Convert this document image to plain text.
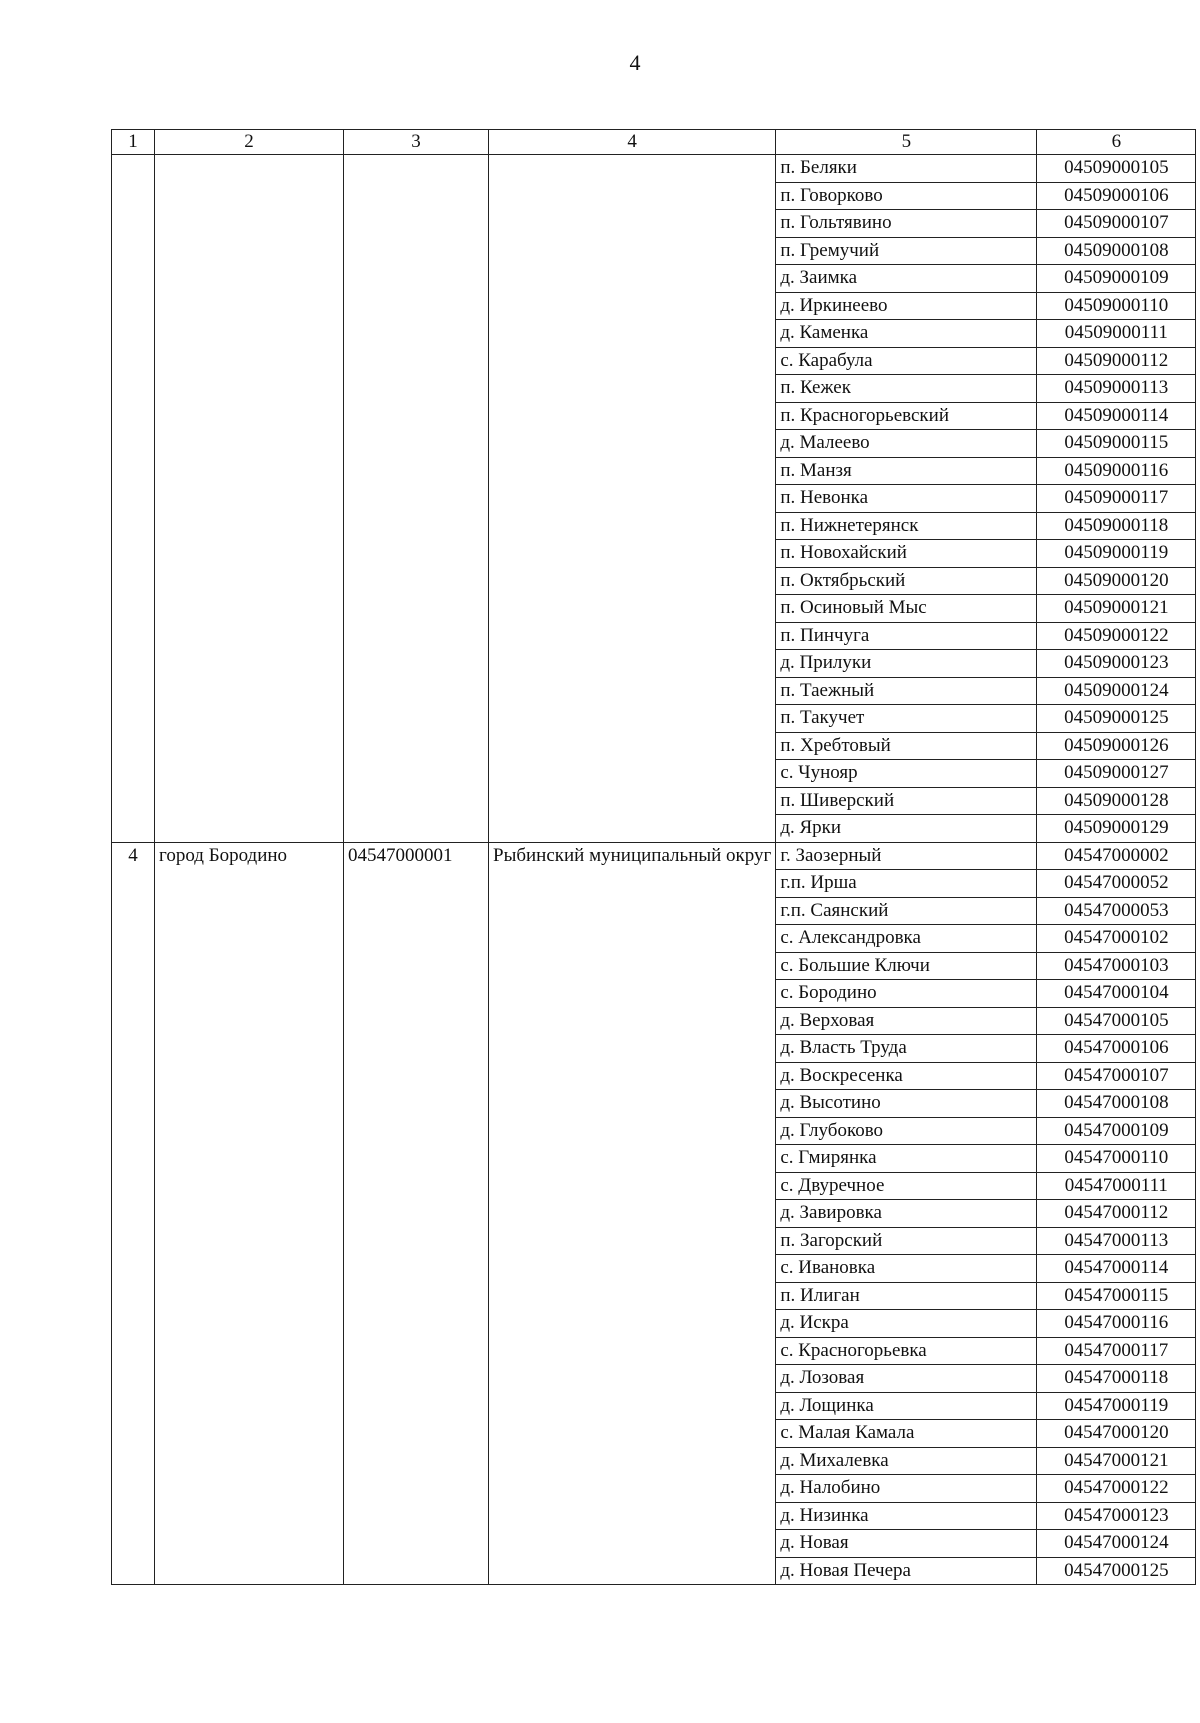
4
1	2	3	4	5	6
				п. Беляки	04509000105
				п. Говорково	04509000106
				п. Гольтявино	04509000107
				п. Гремучий	04509000108
				д. Заимка	04509000109
				д. Иркинеево	04509000110
				д. Каменка	04509000111
				с. Карабула	04509000112
				п. Кежек	04509000113
				п. Красногорьевский	04509000114
				д. Малеево	04509000115
				п. Манзя	04509000116
				п. Невонка	04509000117
				п. Нижнетерянск	04509000118
				п. Новохайский	04509000119
				п. Октябрьский	04509000120
				п. Осиновый Мыс	04509000121
				п. Пинчуга	04509000122
				д. Прилуки	04509000123
				п. Таежный	04509000124
				п. Такучет	04509000125
				п. Хребтовый	04509000126
				с. Чунояр	04509000127
				п. Шиверский	04509000128
				д. Ярки	04509000129
4	город Бородино	04547000001	Рыбинский муниципальный округ	г. Заозерный	04547000002
				г.п. Ирша	04547000052
				г.п. Саянский	04547000053
				с. Александровка	04547000102
				с. Большие Ключи	04547000103
				с. Бородино	04547000104
				д. Верховая	04547000105
				д. Власть Труда	04547000106
				д. Воскресенка	04547000107
				д. Высотино	04547000108
				д. Глубоково	04547000109
				с. Гмирянка	04547000110
				с. Двуречное	04547000111
				д. Завировка	04547000112
				п. Загорский	04547000113
				с. Ивановка	04547000114
				п. Илиган	04547000115
				д. Искра	04547000116
				с. Красногорьевка	04547000117
				д. Лозовая	04547000118
				д. Лощинка	04547000119
				с. Малая Камала	04547000120
				д. Михалевка	04547000121
				д. Налобино	04547000122
				д. Низинка	04547000123
				д. Новая	04547000124
				д. Новая Печера	04547000125
